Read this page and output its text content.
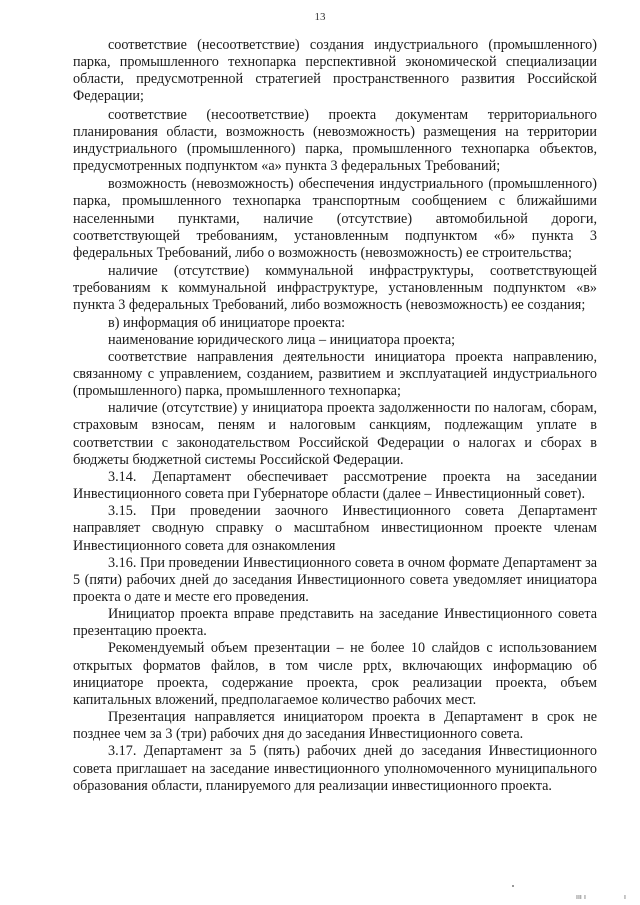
13

соответствие (несоответствие) создания индустриального (промышленного) парка, промышленного технопарка перспективной экономической специализации области, предусмотренной стратегией пространственного развития Российской Федерации;

соответствие (несоответствие) проекта документам территориального планирования области, возможность (невозможность) размещения на территории индустриального (промышленного) парка, промышленного технопарка объектов, предусмотренных подпунктом «а» пункта 3 федеральных Требований;

возможность (невозможность) обеспечения индустриального (промышленного) парка, промышленного технопарка транспортным сообщением с ближайшими населенными пунктами, наличие (отсутствие) автомобильной дороги, соответствующей требованиям, установленным подпунктом «б» пункта 3 федеральных Требований, либо о возможность (невозможность) ее строительства;

наличие (отсутствие) коммунальной инфраструктуры, соответствующей требованиям к коммунальной инфраструктуре, установленным подпунктом «в» пункта 3 федеральных Требований, либо возможность (невозможность) ее создания;

в) информация об инициаторе проекта:

наименование юридического лица – инициатора проекта;

соответствие направления деятельности инициатора проекта направлению, связанному с управлением, созданием, развитием и эксплуатацией индустриального (промышленного) парка, промышленного технопарка;

наличие (отсутствие) у инициатора проекта задолженности по налогам, сборам, страховым взносам, пеням и налоговым санкциям, подлежащим уплате в соответствии с законодательством Российской Федерации о налогах и сборах в бюджеты бюджетной системы Российской Федерации.

3.14. Департамент обеспечивает рассмотрение проекта на заседании Инвестиционного совета при Губернаторе области (далее – Инвестиционный совет).

3.15. При проведении заочного Инвестиционного совета Департамент направляет сводную справку о масштабном инвестиционном проекте членам Инвестиционного совета для ознакомления

3.16. При проведении Инвестиционного совета в очном формате Департамент за 5 (пяти) рабочих дней до заседания Инвестиционного совета уведомляет инициатора проекта о дате и месте его проведения.

Инициатор проекта вправе представить на заседание Инвестиционного совета презентацию проекта.

Рекомендуемый объем презентации – не более 10 слайдов с использованием открытых форматов файлов, в том числе pptx, включающих информацию об инициаторе проекта, содержание проекта, срок реализации проекта, объем капитальных вложений, предполагаемое количество рабочих мест.

Презентация направляется инициатором проекта в Департамент в срок не позднее чем за 3 (три) рабочих дня до заседания Инвестиционного совета.

3.17. Департамент за 5 (пять) рабочих дней до заседания Инвестиционного совета приглашает на заседание инвестиционного уполномоченного муниципального образования области, планируемого для реализации инвестиционного проекта.

ııı ı	ı
